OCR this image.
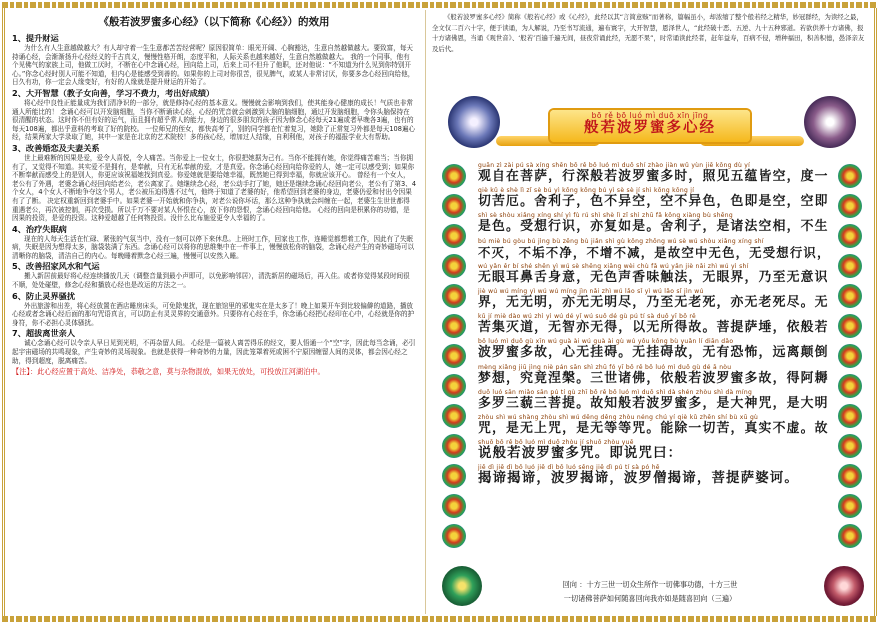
《般若波罗蜜多心经》（以下简称《心经》）的效用
1、提升财运

为什么有人生意越做越大？有人却守着一生生意都苦苦经营呢？原因很简单：眼光开阔、心胸豁达，生意自然越做越大。要致富，每天持诵心经，会渐渐扬升心经经义的千古真义，慢慢性格开朗，态度平和，人际关系也越来越好，生意自然越做越大。 我的一个同事，他有个见佛气的家族上司，他做工厌时，不断在心中念诵心经，回向给上司，后来上司不但升了他职，还对他说：“不知道为什么见到你特别开心。”你念心经时别人可能不知道，但内心是能感受到善的。如果你的上司对你很苦，很见脾气，或某人非常讨厌，你要多念心经回向给他，日久有功，你一定会人缘变好，有好的人缘就是提升财运的开始了。

2、大开智慧（教子女向善，学习不费力，考出好成绩）

将心经中良性正能量成为我们清净识的一部分，就是修持心经的基本意义。慢慢就会影响到我们，使其能身心健康的成长！气质也非常通人所能比的！ 念诵心经可以开发脑细胞，当你不断诵读心经，心经的咒音就会刺激到大脑的脑细胞，通过开发脑细胞，令你头脑保持在很清醒的状态。这时你不但有好的运气，而且拥有超乎常人的能力，身边的很多朋友的孩子因为修念心经每天21遍或者早晚各3遍，也有的每天108遍，都出乎意料的考取了好的院校。 一位师兄的侄女，都快高考了，别的同学都在忙着复习，她除了正常复习外都是每天108遍心经，结果两家大学录取了她，其中一家是在北京的艺术院校！多的孩心经，增加过人结缘，自利利他，对孩子的福报学业大有帮助。

3、改善婚恋及夫妻关系

世上最难断的因果是爱，爱令人喜悦，令人痛苦。当你爱上一位女士，你很把她据为己有。当你不能拥有她，你觉得痛苦难当；当你拥有了，又觉得不知道。其实爱不是拥有，是奉献，只有无私奉献的爱，才是真爱。你念诵心经回向给你爱的人，她一定可以感受到；如果你不断奉献而感受上的是别人，你更应该祝福她找到真爱。你爱她就是要给她幸福，既然她已得到幸福，你就应该开心。 曾经有一个女人，老公有了外遇，老婆念诵心经回向给老公，老公离家了。她继续念心经，老公动手打了她，她还是继续念诵心经回向老公，老公有了第3、4个女人，4个女人不断地争夺这个男人，老公被压迫得透不过气，他终于知道了老婆的好，他希望回到老婆的身边，老婆仍爱和付出令因果有了了断。 决定权重新回到老婆手中。如果老婆一开始就和你争执，对老公说你坏话，那么这种争执就会纠缠在一起，老婆生生世世都得重遇老公，再次被控制，再次受损。所以千万不要对某人怀恨在心，放下你的怨恨，念诵心经回向给他。 心经的回向是积累你的功德，是因果的投资，是爱的投资。这种爱超越了任何物投资。没什么比布施爱更令人幸福的了。

4、治疗失眠病

现在的人每天生活在忙碌、紧张的气氛当中，没有一刻可以停下来休息。上班时工作，回家也工作，连睡觉都想着工作，因此有了失眠病，失眠是因为想得太多，脑袋装满了东西。念诵心经可以将你的思维集中在一件事上，慢慢放松你的脑袋，念诵心经产生的奇妙磁场可以清晰你的脑袋，清洁自己的内心。每晚睡着默念心经三遍，慢慢可以安然入睡。

5、改善招家风水和气运

搬入新居前最好将心经连续播放几天（调整音量到最小声即可，以免影响邻居），清洗新居的磁场后，再入住。或者你觉得某段时间很不顺，处处碰壁，修念心经和播放心经也是改运的方法之一。

6、防止灵界骚扰

外出旅游和出差，将心经放置在酒店睡房床头，可免除鬼扰，现在旅馆里的邪鬼实在是太多了！晚上如果开车到比较偏僻的道路，播放心经或者念诵心经后面的那句咒语真言，可以防止有灵灵界的交通意外。只要你有心经在手，你念诵心经把心经印在心中，心经就是你的护身符，你不必担心灵体骚扰。

7、超拔离世亲人

诚心念诵心经可以令亲人早日见到光明，不再杂留人间。 心经是一篇被人离苦得乐的经文，要人悟通一个“空”字，因此每当念诵，必引起宇宙磁场的共鸣现象，产生奇妙的灵场现象。也就是获得一种奇妙的力量，因此笼罩着死或困不宁原因缠留人间的灵体，都会因心经之助，得到超度，脱离痛苦。

【注】：此心经应置于高处、洁净处，恭敬之意，莫与杂物混放，如果无放处，可投放江河湖泊中。

《般若波罗蜜多心经》简称《般若心经》或《心经》，此经以其“言简意赅”而著称，篇幅虽小，却浓缩了整个般若经之精华，妙冠群经，为读经之最，全文仅二百六十字，便于读诵，为人解说，乃至书写流通，遍布寰宇，大开智慧，恩泽世人，“此经破十恶、五逆、九十五种邪道。若欲供养十方诸佛，报十方诸佛恩，当诵《观世音》、‘般若’百遍千遍无间，昼夜常诵此经，无愿不果”，时常诵读此经者，赶年益寿，百病不侵，增种福田，积善积德，愚泽亲友及后代。

bō rě bō luó mì duō xīn jīng
般若波罗蜜多心经
guān zì zài pú sà xíng shēn bō rě bō luó mì duō shí zhào jiàn wǔ yùn jiē kōng dù yí
观自在菩萨，行深般若波罗蜜多时，照见五蕴皆空，度一
qiè kǔ è shè lì zǐ sè bú yì kōng kōng bú yì sè sè jí shì kōng kōng jí
切苦厄。舍利子，色不异空，空不异色，色即是空，空即
shì sè shòu xiǎng xíng shí yì fù rú shì shè lì zǐ shì zhū fǎ kōng xiàng bù shēng
是色。受想行识，亦复如是。舍利子，是诸法空相，不生
bú miè bú gòu bú jìng bù zēng bù jiǎn shì gù kōng zhōng wú sè wú shòu xiǎng xíng shí
不灭，不垢不净，不增不减，是故空中无色，无受想行识，
wú yǎn ěr bí shé shēn yì wú sè shēng xiāng wèi chù fǎ wú yǎn jiè nǎi zhì wú yì shí
无眼耳鼻舌身意，无色声香味触法，无眼界，乃至无意识
jiè wú wú míng yì wú wú míng jìn nǎi zhì wú lǎo sǐ yì wú lǎo sǐ jìn wú
界，无无明，亦无无明尽，乃至无老死，亦无老死尽。无
kǔ jí miè dào wú zhì yì wú dé yǐ wú suǒ dé gù pú tí sà duǒ yī bō rě
苦集灭道，无智亦无得，以无所得故。菩提萨埵，依般若
bō luó mì duō gù xīn wú guà ài wú guà ài gù wú yǒu kǒng bù yuǎn lí diān dǎo
波罗蜜多故，心无挂碍。无挂碍故，无有恐怖，远离颠倒
mèng xiǎng jiū jìng niè pán sān shì zhū fó yī bō rě bō luó mì duō gù dé ā nòu
梦想，究竟涅槃。三世诸佛，依般若波罗蜜多故，得阿耨
duō luó sān miǎo sān pú tí gù zhī bō rě bō luó mì duō shì dà shén zhòu shì dà míng
多罗三藐三菩提。故知般若波罗蜜多，是大神咒，是大明
zhòu shì wú shàng zhòu shì wú děng děng zhòu néng chú yí qiè kǔ zhēn shí bù xū gù
咒，是无上咒，是无等等咒。能除一切苦，真实不虚。故
shuō bō rě bō luó mì duō zhòu jí shuō zhòu yuē
说般若波罗蜜多咒。即说咒曰：
jiē dì jiē dì bō luó jiē dì bō luó sēng jiē dì pú tí sà pó hē
揭谛揭谛，波罗揭谛，波罗僧揭谛，菩提萨婆诃。
回向 ：十方三世一切众生所作一切佛事功德，十方三世
一切诸佛菩萨如何随喜回向我亦如是随喜回向（三遍）
